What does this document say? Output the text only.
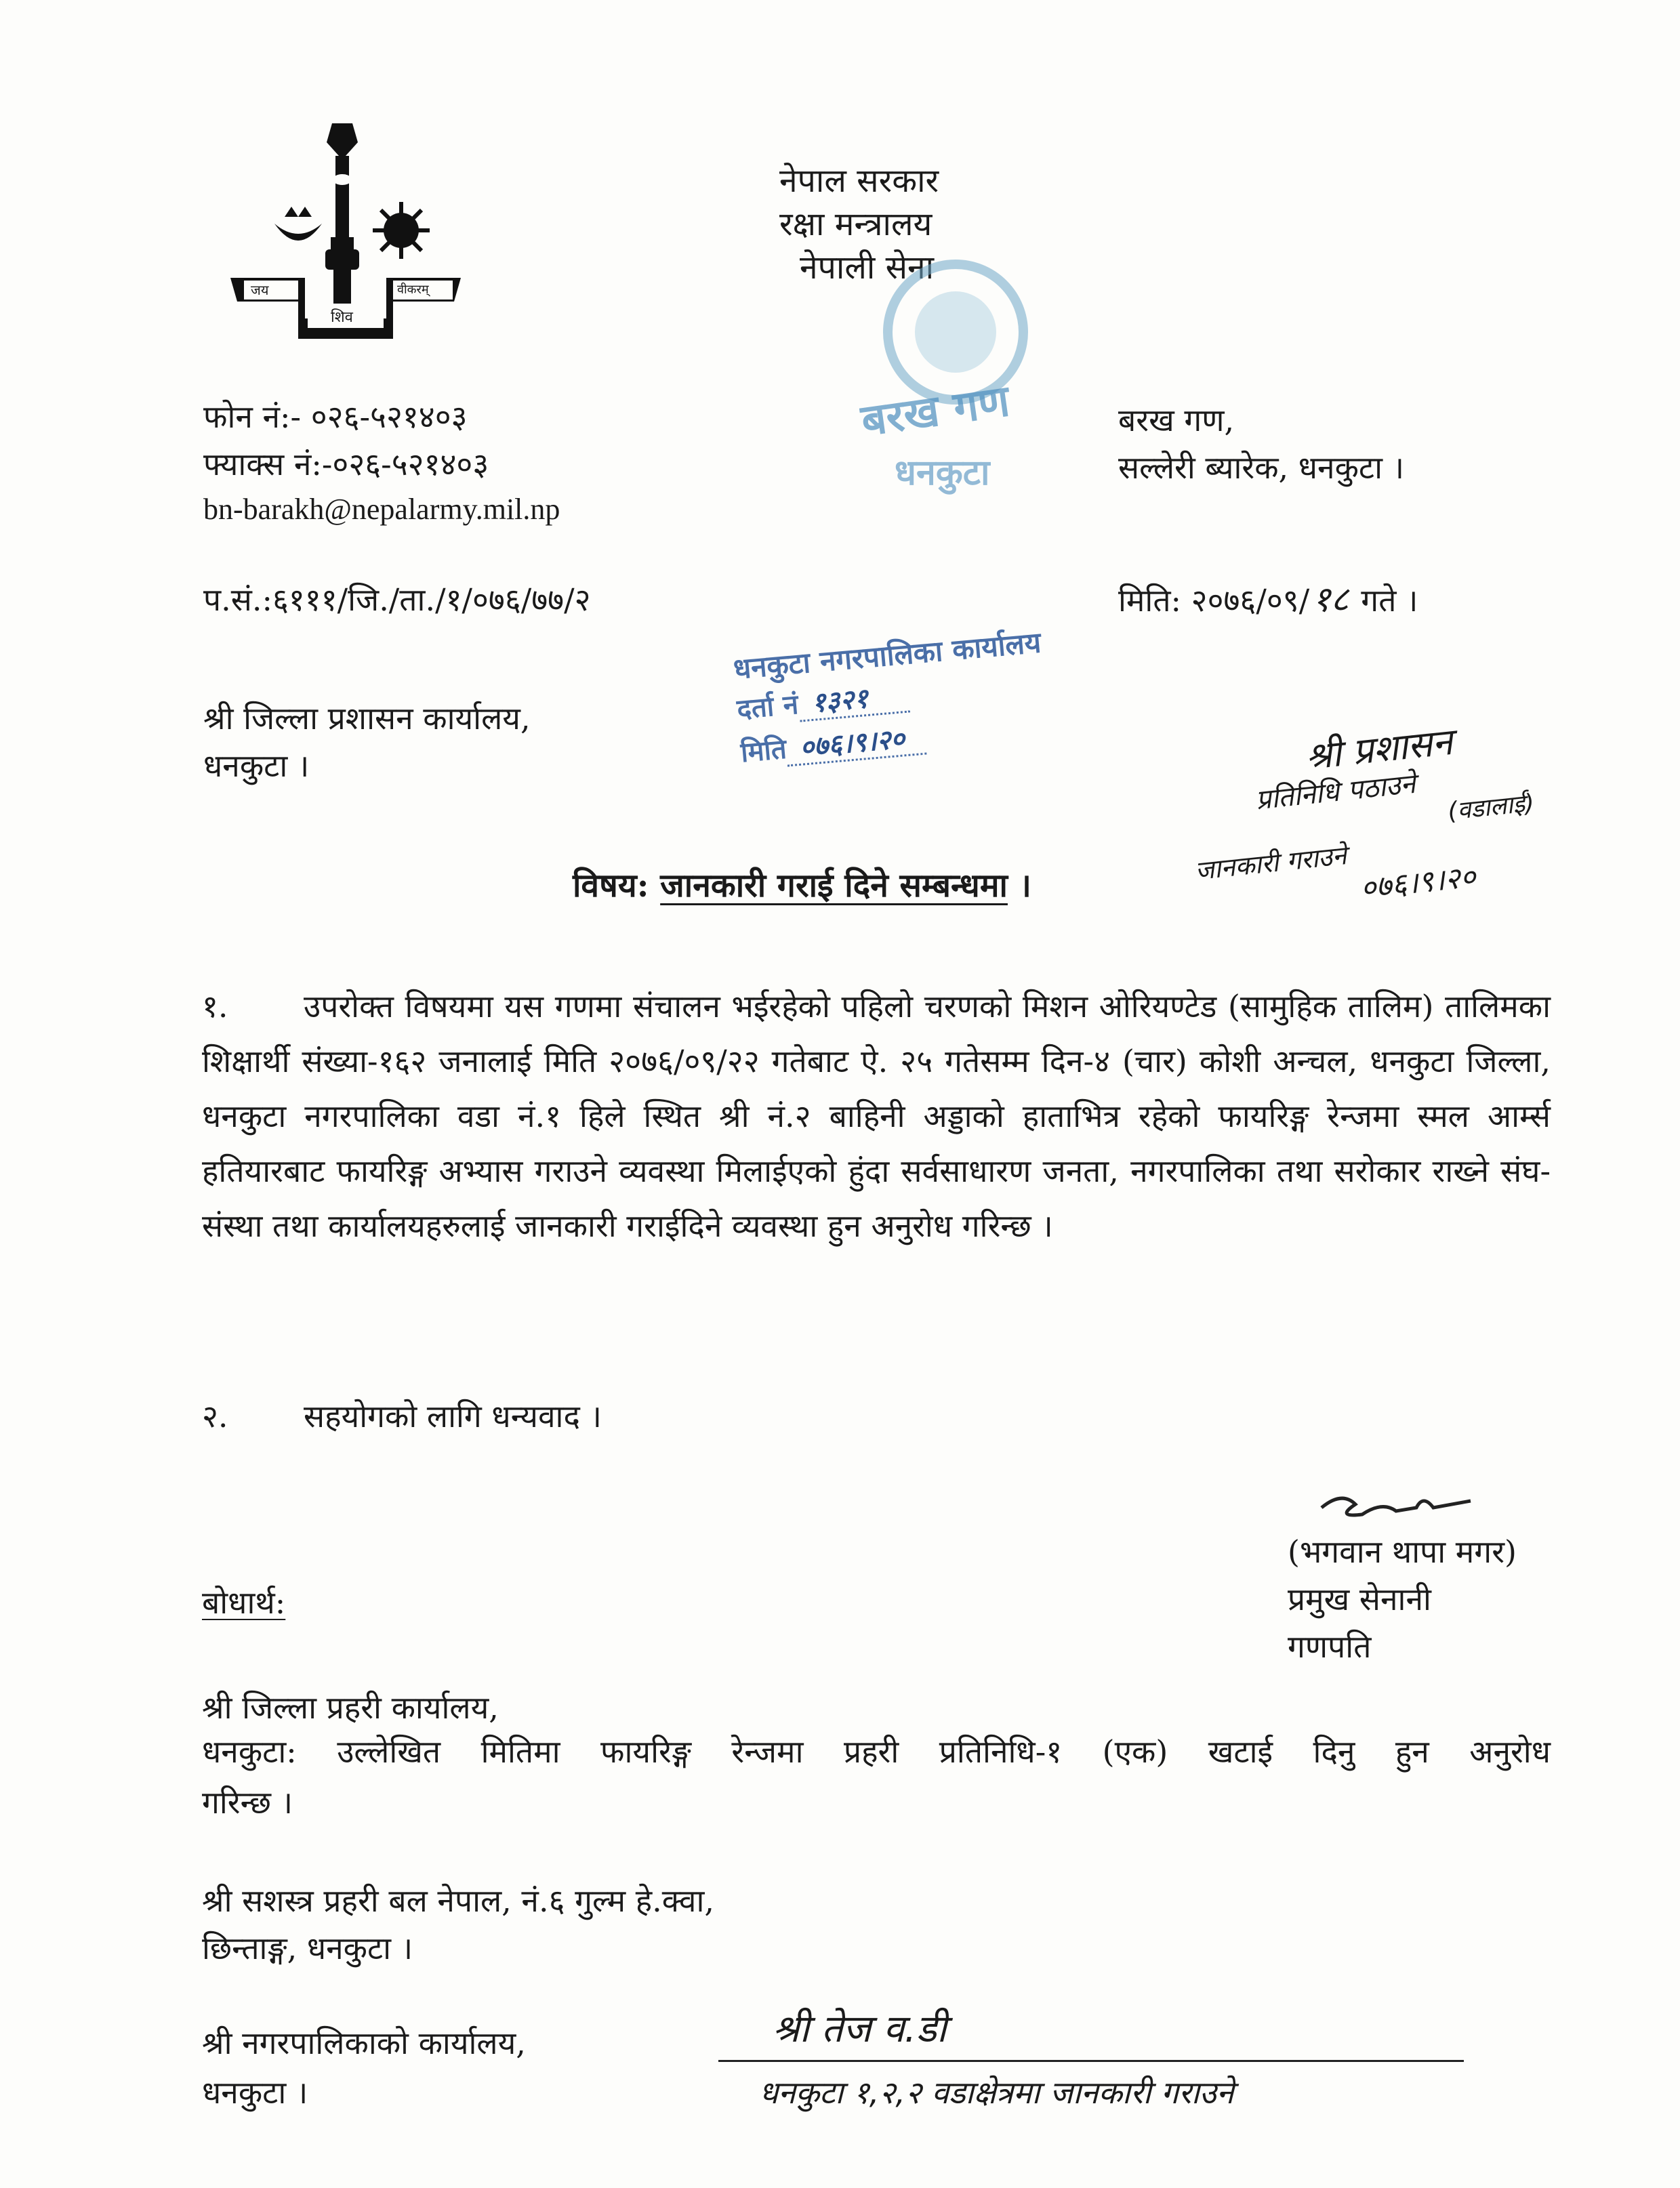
जय
शिव
वीकरम्
नेपाल सरकार
रक्षा मन्त्रालय
नेपाली सेना
बरख गण
धनकुटा
फोन नं:- ०२६-५२१४०३
फ्याक्स नं:-०२६-५२१४०३
bn-barakh@nepalarmy.mil.np
बरख गण,
सल्लेरी ब्यारेक, धनकुटा ।
प.सं.:६१११/जि./ता./१/०७६/७७/२	मिति: २०७६/०९/१८ गते ।
श्री जिल्ला प्रशासन कार्यालय,
धनकुटा ।
धनकुटा नगरपालिका कार्यालय
दर्ता नं १३२१
मिति ०७६।९।२०	श्री प्रशासन
प्रतिनिधि पठाउने	(वडालाई)
जानकारी गराउने ०७६।९।२०
विषय: जानकारी गराई दिने सम्बन्धमा ।
१. उपरोक्त विषयमा यस गणमा संचालन भईरहेको पहिलो चरणको मिशन ओरियण्टेड (सामुहिक तालिम) तालिमका शिक्षार्थी संख्या-१६२ जनालाई मिति २०७६/०९/२२ गतेबाट ऐ. २५ गतेसम्म दिन-४ (चार) कोशी अन्चल, धनकुटा जिल्ला, धनकुटा नगरपालिका वडा नं.१ हिले स्थित श्री नं.२ बाहिनी अड्डाको हाताभित्र रहेको फायरिङ्ग रेन्जमा स्मल आर्म्स हतियारबाट फायरिङ्ग अभ्यास गराउने व्यवस्था मिलाईएको हुंदा सर्वसाधारण जनता, नगरपालिका तथा सरोकार राख्ने संघ-संस्था तथा कार्यालयहरुलाई जानकारी गराईदिने व्यवस्था हुन अनुरोध गरिन्छ ।
२. सहयोगको लागि धन्यवाद ।
(भगवान थापा मगर)
प्रमुख सेनानी
गणपति
बोधार्थ:
श्री जिल्ला प्रहरी कार्यालय,
धनकुटा: उल्लेखित मितिमा फायरिङ्ग रेन्जमा प्रहरी प्रतिनिधि-१ (एक) खटाई दिनु हुन अनुरोध
गरिन्छ ।
श्री सशस्त्र प्रहरी बल नेपाल, नं.६ गुल्म हे.क्वा,
छिन्ताङ्ग, धनकुटा ।
श्री नगरपालिकाको कार्यालय,
धनकुटा ।
श्री तेज व.डी
धनकुटा १,२,२ वडाक्षेत्रमा जानकारी गराउने
